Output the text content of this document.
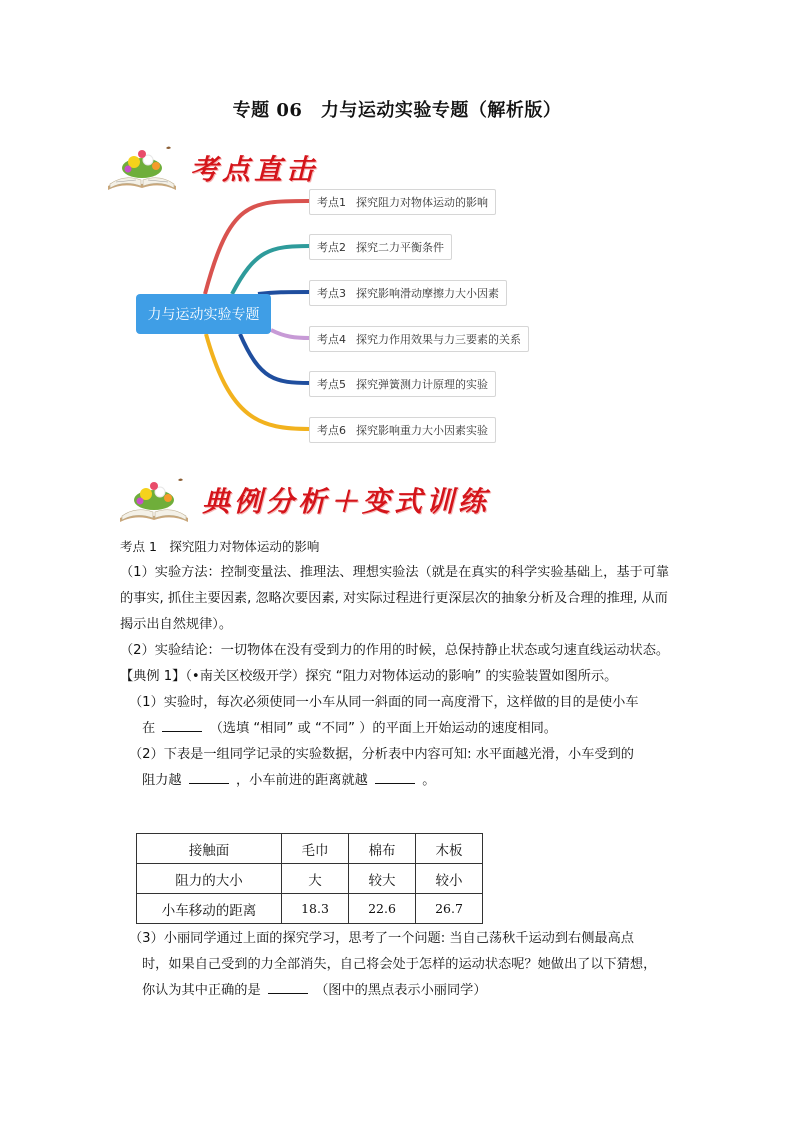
专题 06　力与运动实验专题（解析版）
考点直击
力与运动实验专题
考点1 探究阻力对物体运动的影响
考点2 探究二力平衡条件
考点3 探究影响滑动摩擦力大小因素
考点4 探究力作用效果与力三要素的关系
考点5 探究弹簧测力计原理的实验
考点6 探究影响重力大小因素实验
典例分析＋变式训练

考点 1　探究阻力对物体运动的影响

（1）实验方法：控制变量法、推理法、理想实验法（就是在真实的科学实验基础上，基于可靠的事实, 抓住主要因素, 忽略次要因素, 对实际过程进行更深层次的抽象分析及合理的推理, 从而揭示出自然规律）。

（2）实验结论：一切物体在没有受到力的作用的时候，总保持静止状态或匀速直线运动状态。

【典例 1】（•南关区校级开学）探究 “阻力对物体运动的影响” 的实验装置如图所示。

（1）实验时，每次必须使同一小车从同一斜面的同一高度滑下，这样做的目的是使小车

在	（选填 “相同” 或 “不同” ）的平面上开始运动的速度相同。

（2）下表是一组同学记录的实验数据，分析表中内容可知: 水平面越光滑，小车受到的

阻力越	，小车前进的距离就越	。

接触面	毛巾	棉布	木板
阻力的大小	大	较大	较小
小车移动的距离	18.3	22.6	26.7

（3）小丽同学通过上面的探究学习，思考了一个问题: 当自己荡秋千运动到右侧最高点

时，如果自己受到的力全部消失，自己将会处于怎样的运动状态呢？她做出了以下猜想，

你认为其中正确的是	（图中的黑点表示小丽同学）
